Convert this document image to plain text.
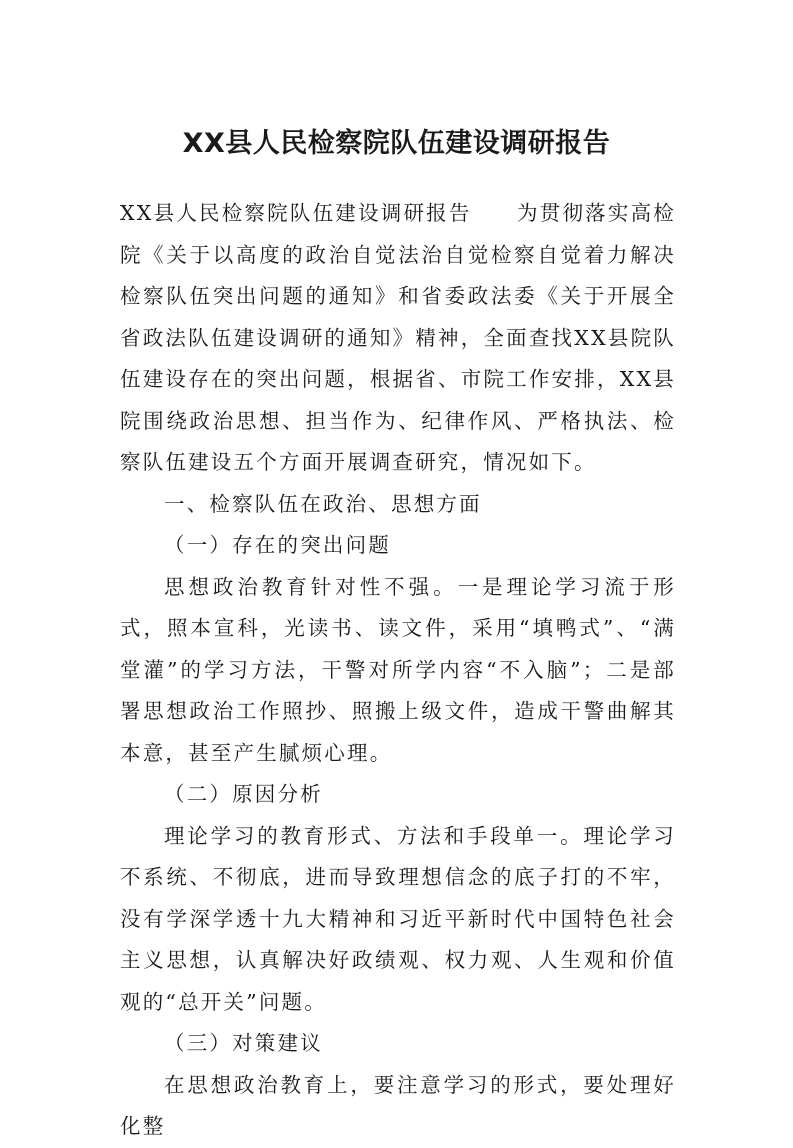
XX县人民检察院队伍建设调研报告

XX县人民检察院队伍建设调研报告　　为贯彻落实高检院《关于以高度的政治自觉法治自觉检察自觉着力解决检察队伍突出问题的通知》和省委政法委《关于开展全省政法队伍建设调研的通知》精神，全面查找XX县院队伍建设存在的突出问题，根据省、市院工作安排，XX县院围绕政治思想、担当作为、纪律作风、严格执法、检察队伍建设五个方面开展调查研究，情况如下。

一、检察队伍在政治、思想方面

（一）存在的突出问题

思想政治教育针对性不强。一是理论学习流于形式，照本宣科，光读书、读文件，采用“填鸭式”、“满堂灌”的学习方法，干警对所学内容“不入脑”；二是部署思想政治工作照抄、照搬上级文件，造成干警曲解其本意，甚至产生腻烦心理。

（二）原因分析

理论学习的教育形式、方法和手段单一。理论学习不系统、不彻底，进而导致理想信念的底子打的不牢，没有学深学透十九大精神和习近平新时代中国特色社会主义思想，认真解决好政绩观、权力观、人生观和价值观的“总开关”问题。

（三）对策建议

在思想政治教育上，要注意学习的形式，要处理好化整
